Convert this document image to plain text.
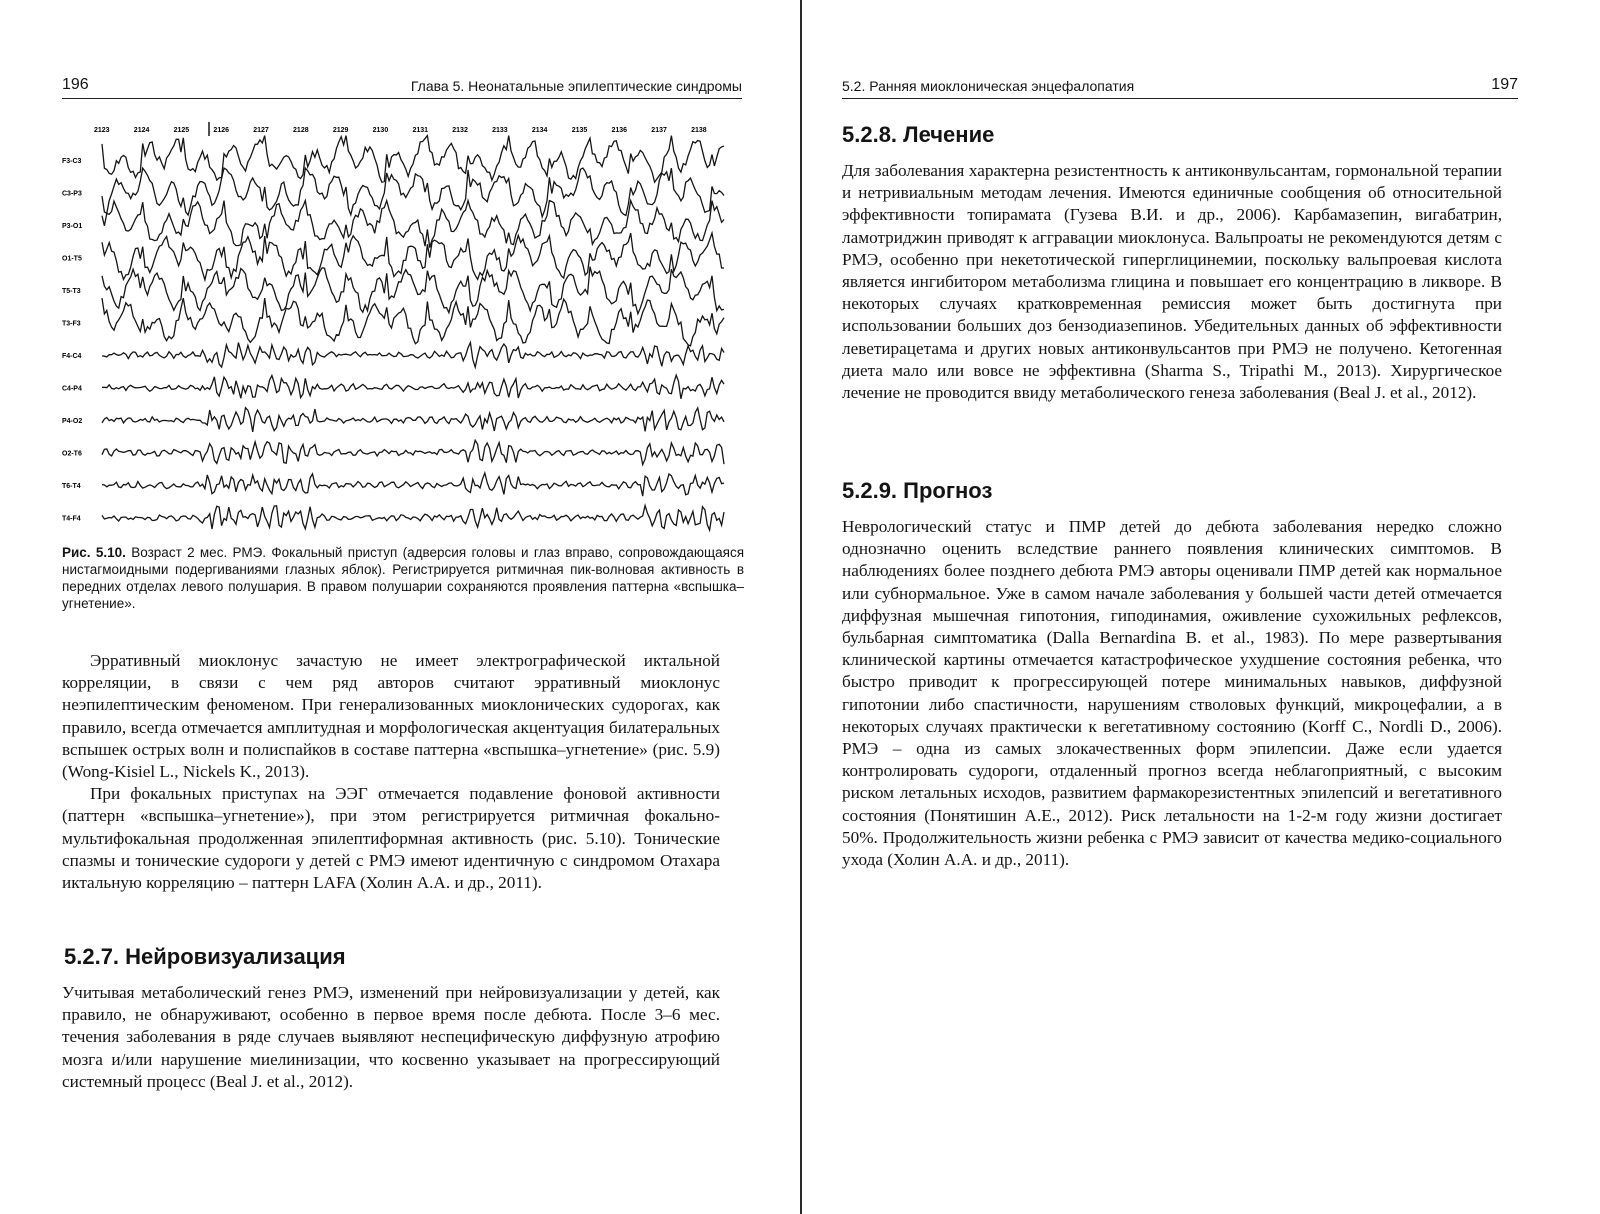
196	Глава 5. Неонатальные эпилептические синдромы
2123	2124	2125	2126	2127	2128	2129	2130	2131	2132	2133	2134	2135	2136	2137	2138
F3-C3
C3-P3
P3-O1
O1-T5
T5-T3
T3-F3
F4-C4
C4-P4
P4-O2
O2-T6
T6-T4
T4-F4
Рис. 5.10. Возраст 2 мес. РМЭ. Фокальный приступ (адверсия головы и глаз вправо, сопровождающаяся нистагмоидными подергиваниями глазных яблок). Регистрируется ритмичная пик-волновая активность в передних отделах левого полушария. В правом полушарии сохраняются проявления паттерна «вспышка–угнетение».

Эрративный миоклонус зачастую не имеет электрографической иктальной корреляции, в связи с чем ряд авторов считают эрративный миоклонус неэпилептическим феноменом. При генерализованных миоклонических судорогах, как правило, всегда отмечается амплитудная и морфологическая акцентуация билатеральных вспышек острых волн и полиспайков в составе паттерна «вспышка–угнетение» (рис. 5.9) (Wong-Kisiel L., Nickels K., 2013).

При фокальных приступах на ЭЭГ отмечается подавление фоновой активности (паттерн «вспышка–угнетение»), при этом регистрируется ритмичная фокально-мультифокальная продолженная эпилептиформная активность (рис. 5.10). Тонические спазмы и тонические судороги у детей с РМЭ имеют идентичную с синдромом Отахара иктальную корреляцию – паттерн LAFA (Холин А.А. и др., 2011).

5.2.7. Нейровизуализация

Учитывая метаболический генез РМЭ, изменений при нейровизуализации у детей, как правило, не обнаруживают, особенно в первое время после дебюта. После 3–6 мес. течения заболевания в ряде случаев выявляют неспецифическую диффузную атрофию мозга и/или нарушение миелинизации, что косвенно указывает на прогрессирующий системный процесс (Beal J. et al., 2012).

5.2. Ранняя миоклоническая энцефалопатия	197
5.2.8. Лечение

Для заболевания характерна резистентность к антиконвульсантам, гормональной терапии и нетривиальным методам лечения. Имеются единичные сообщения об относительной эффективности топирамата (Гузева В.И. и др., 2006). Карбамазепин, вигабатрин, ламотриджин приводят к аггравации миоклонуса. Вальпроаты не рекомендуются детям с РМЭ, особенно при некетотической гиперглицинемии, поскольку вальпроевая кислота является ингибитором метаболизма глицина и повышает его концентрацию в ликворе. В некоторых случаях кратковременная ремиссия может быть достигнута при использовании больших доз бензодиазепинов. Убедительных данных об эффективности леветирацетама и других новых антиконвульсантов при РМЭ не получено. Кетогенная диета мало или вовсе не эффективна (Sharma S., Tripathi M., 2013). Хирургическое лечение не проводится ввиду метаболического генеза заболевания (Beal J. et al., 2012).

5.2.9. Прогноз

Неврологический статус и ПМР детей до дебюта заболевания нередко сложно однозначно оценить вследствие раннего появления клинических симптомов. В наблюдениях более позднего дебюта РМЭ авторы оценивали ПМР детей как нормальное или субнормальное. Уже в самом начале заболевания у большей части детей отмечается диффузная мышечная гипотония, гиподинамия, оживление сухожильных рефлексов, бульбарная симптоматика (Dalla Bernardina B. et al., 1983). По мере развертывания клинической картины отмечается катастрофическое ухудшение состояния ребенка, что быстро приводит к прогрессирующей потере минимальных навыков, диффузной гипотонии либо спастичности, нарушениям стволовых функций, микроцефалии, а в некоторых случаях практически к вегетативному состоянию (Korff C., Nordli D., 2006). РМЭ – одна из самых злокачественных форм эпилепсии. Даже если удается контролировать судороги, отдаленный прогноз всегда неблагоприятный, с высоким риском летальных исходов, развитием фармакорезистентных эпилепсий и вегетативного состояния (Понятишин А.Е., 2012). Риск летальности на 1-2-м году жизни достигает 50%. Продолжительность жизни ребенка с РМЭ зависит от качества медико-социального ухода (Холин А.А. и др., 2011).
